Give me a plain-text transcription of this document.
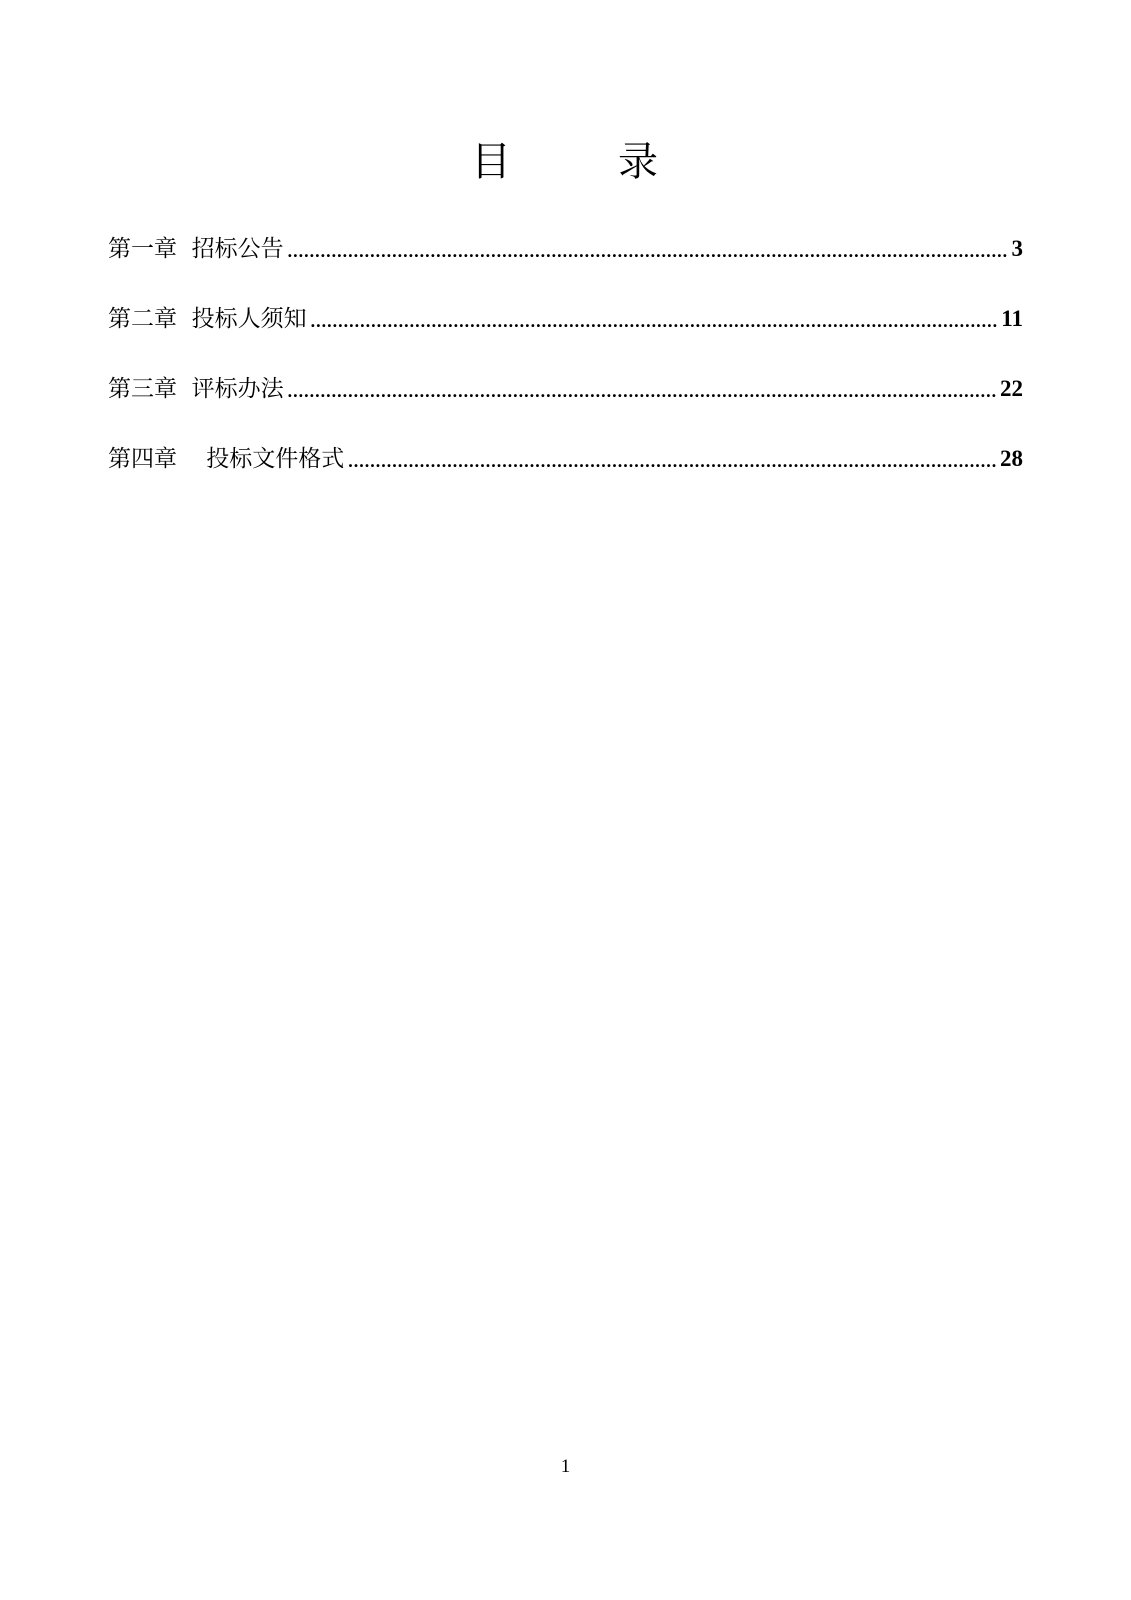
目	录
第一章 招标公告 .....	3
第二章 投标人须知 .....	11
第三章 评标办法 .....	22
第四章 投标文件格式 .....	28
1
